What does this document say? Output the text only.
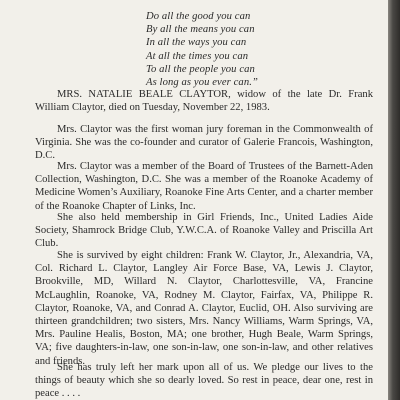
Do all the good you can
By all the means you can
In all the ways you can
At all the times you can
To all the people you can
As long as you ever can.”
MRS. NATALIE BEALE CLAYTOR, widow of the late Dr. Frank William Claytor, died on Tuesday, November 22, 1983.
Mrs. Claytor was the first woman jury foreman in the Commonwealth of Virginia. She was the co-founder and curator of Galerie Francois, Washington, D.C.
Mrs. Claytor was a member of the Board of Trustees of the Barnett-Aden Collection, Washington, D.C. She was a member of the Roanoke Academy of Medicine Women’s Auxiliary, Roanoke Fine Arts Center, and a charter member of the Roanoke Chapter of Links, Inc.
She also held membership in Girl Friends, Inc., United Ladies Aide Society, Shamrock Bridge Club, Y.W.C.A. of Roanoke Valley and Priscilla Art Club.
She is survived by eight children: Frank W. Claytor, Jr., Alexandria, VA, Col. Richard L. Claytor, Langley Air Force Base, VA, Lewis J. Claytor, Brookville, MD, Willard N. Claytor, Charlottesville, VA, Francine McLaughlin, Roanoke, VA, Rodney M. Claytor, Fairfax, VA, Philippe R. Claytor, Roanoke, VA, and Conrad A. Claytor, Euclid, OH. Also surviving are thirteen grandchildren; two sisters, Mrs. Nancy Williams, Warm Springs, VA, Mrs. Pauline Healis, Boston, MA; one brother, Hugh Beale, Warm Springs, VA; five daughters-in-law, one son-in-law, one son-in-law, and other relatives and friends.
She has truly left her mark upon all of us. We pledge our lives to the things of beauty which she so dearly loved. So rest in peace, dear one, rest in peace . . . .
